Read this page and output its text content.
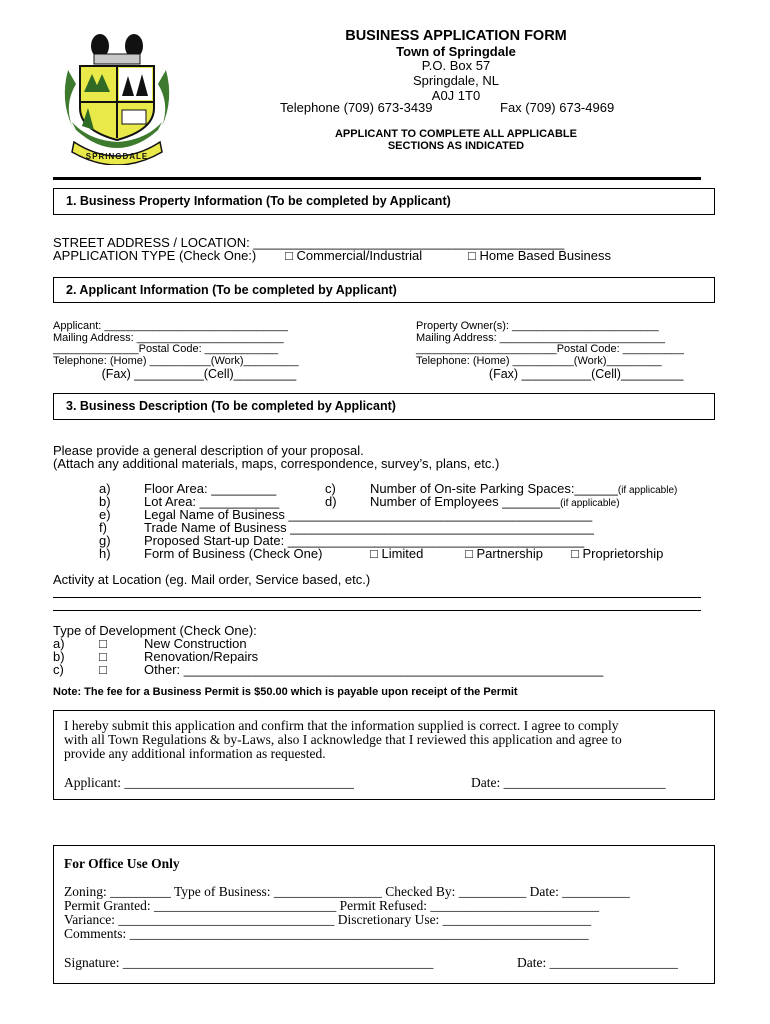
SPRINGDALE
BUSINESS APPLICATION FORM
Town of Springdale
P.O. Box 57
Springdale, NL
A0J 1T0
Telephone (709) 673-3439	Fax (709) 673-4969
APPLICANT TO COMPLETE ALL APPLICABLE
SECTIONS AS INDICATED
1. Business Property Information (To be completed by Applicant)
STREET ADDRESS / LOCATION: ___________________________________________
APPLICATION TYPE (Check One:) □ Commercial/Industrial	□ Home Based Business
2. Applicant Information (To be completed by Applicant)
Applicant: ______________________________
Mailing Address: ________________________
______________Postal Code: ____________
Telephone: (Home) __________(Work)_________
(Fax) __________(Cell)_________
Property Owner(s): ________________________
Mailing Address: ___________________________
_______________________Postal Code: __________
Telephone: (Home) __________(Work)_________
(Fax) __________(Cell)_________
3. Business Description (To be completed by Applicant)
Please provide a general description of your proposal.
(Attach any additional materials, maps, correspondence, survey’s, plans, etc.)
a)	Floor Area: _________	c)	Number of On-site Parking Spaces:______(if applicable)
b)	Lot Area: ___________	d)	Number of Employees ________(if applicable)
e)	Legal Name of Business __________________________________________
f)	Trade Name of Business __________________________________________
g)	Proposed Start-up Date: _________________________________________
h)	Form of Business (Check One)	□ Limited	□ Partnership □ Proprietorship
Activity at Location (eg. Mail order, Service based, etc.)
Type of Development (Check One):
a)	□	New Construction
b)	□	Renovation/Repairs
c)	□	Other: __________________________________________________________
Note: The fee for a Business Permit is $50.00 which is payable upon receipt of the Permit
I hereby submit this application and confirm that the information supplied is correct. I agree to comply
with all Town Regulations & by-Laws, also I acknowledge that I reviewed this application and agree to
provide any additional information as requested.
Applicant: __________________________________	Date: ________________________
For Office Use Only
Zoning: _________ Type of Business: ________________ Checked By: __________ Date: __________
Permit Granted: ___________________________ Permit Refused: _________________________
Variance: ________________________________ Discretionary Use: ______________________
Comments: ____________________________________________________________________
Signature: ______________________________________________	Date: ___________________
